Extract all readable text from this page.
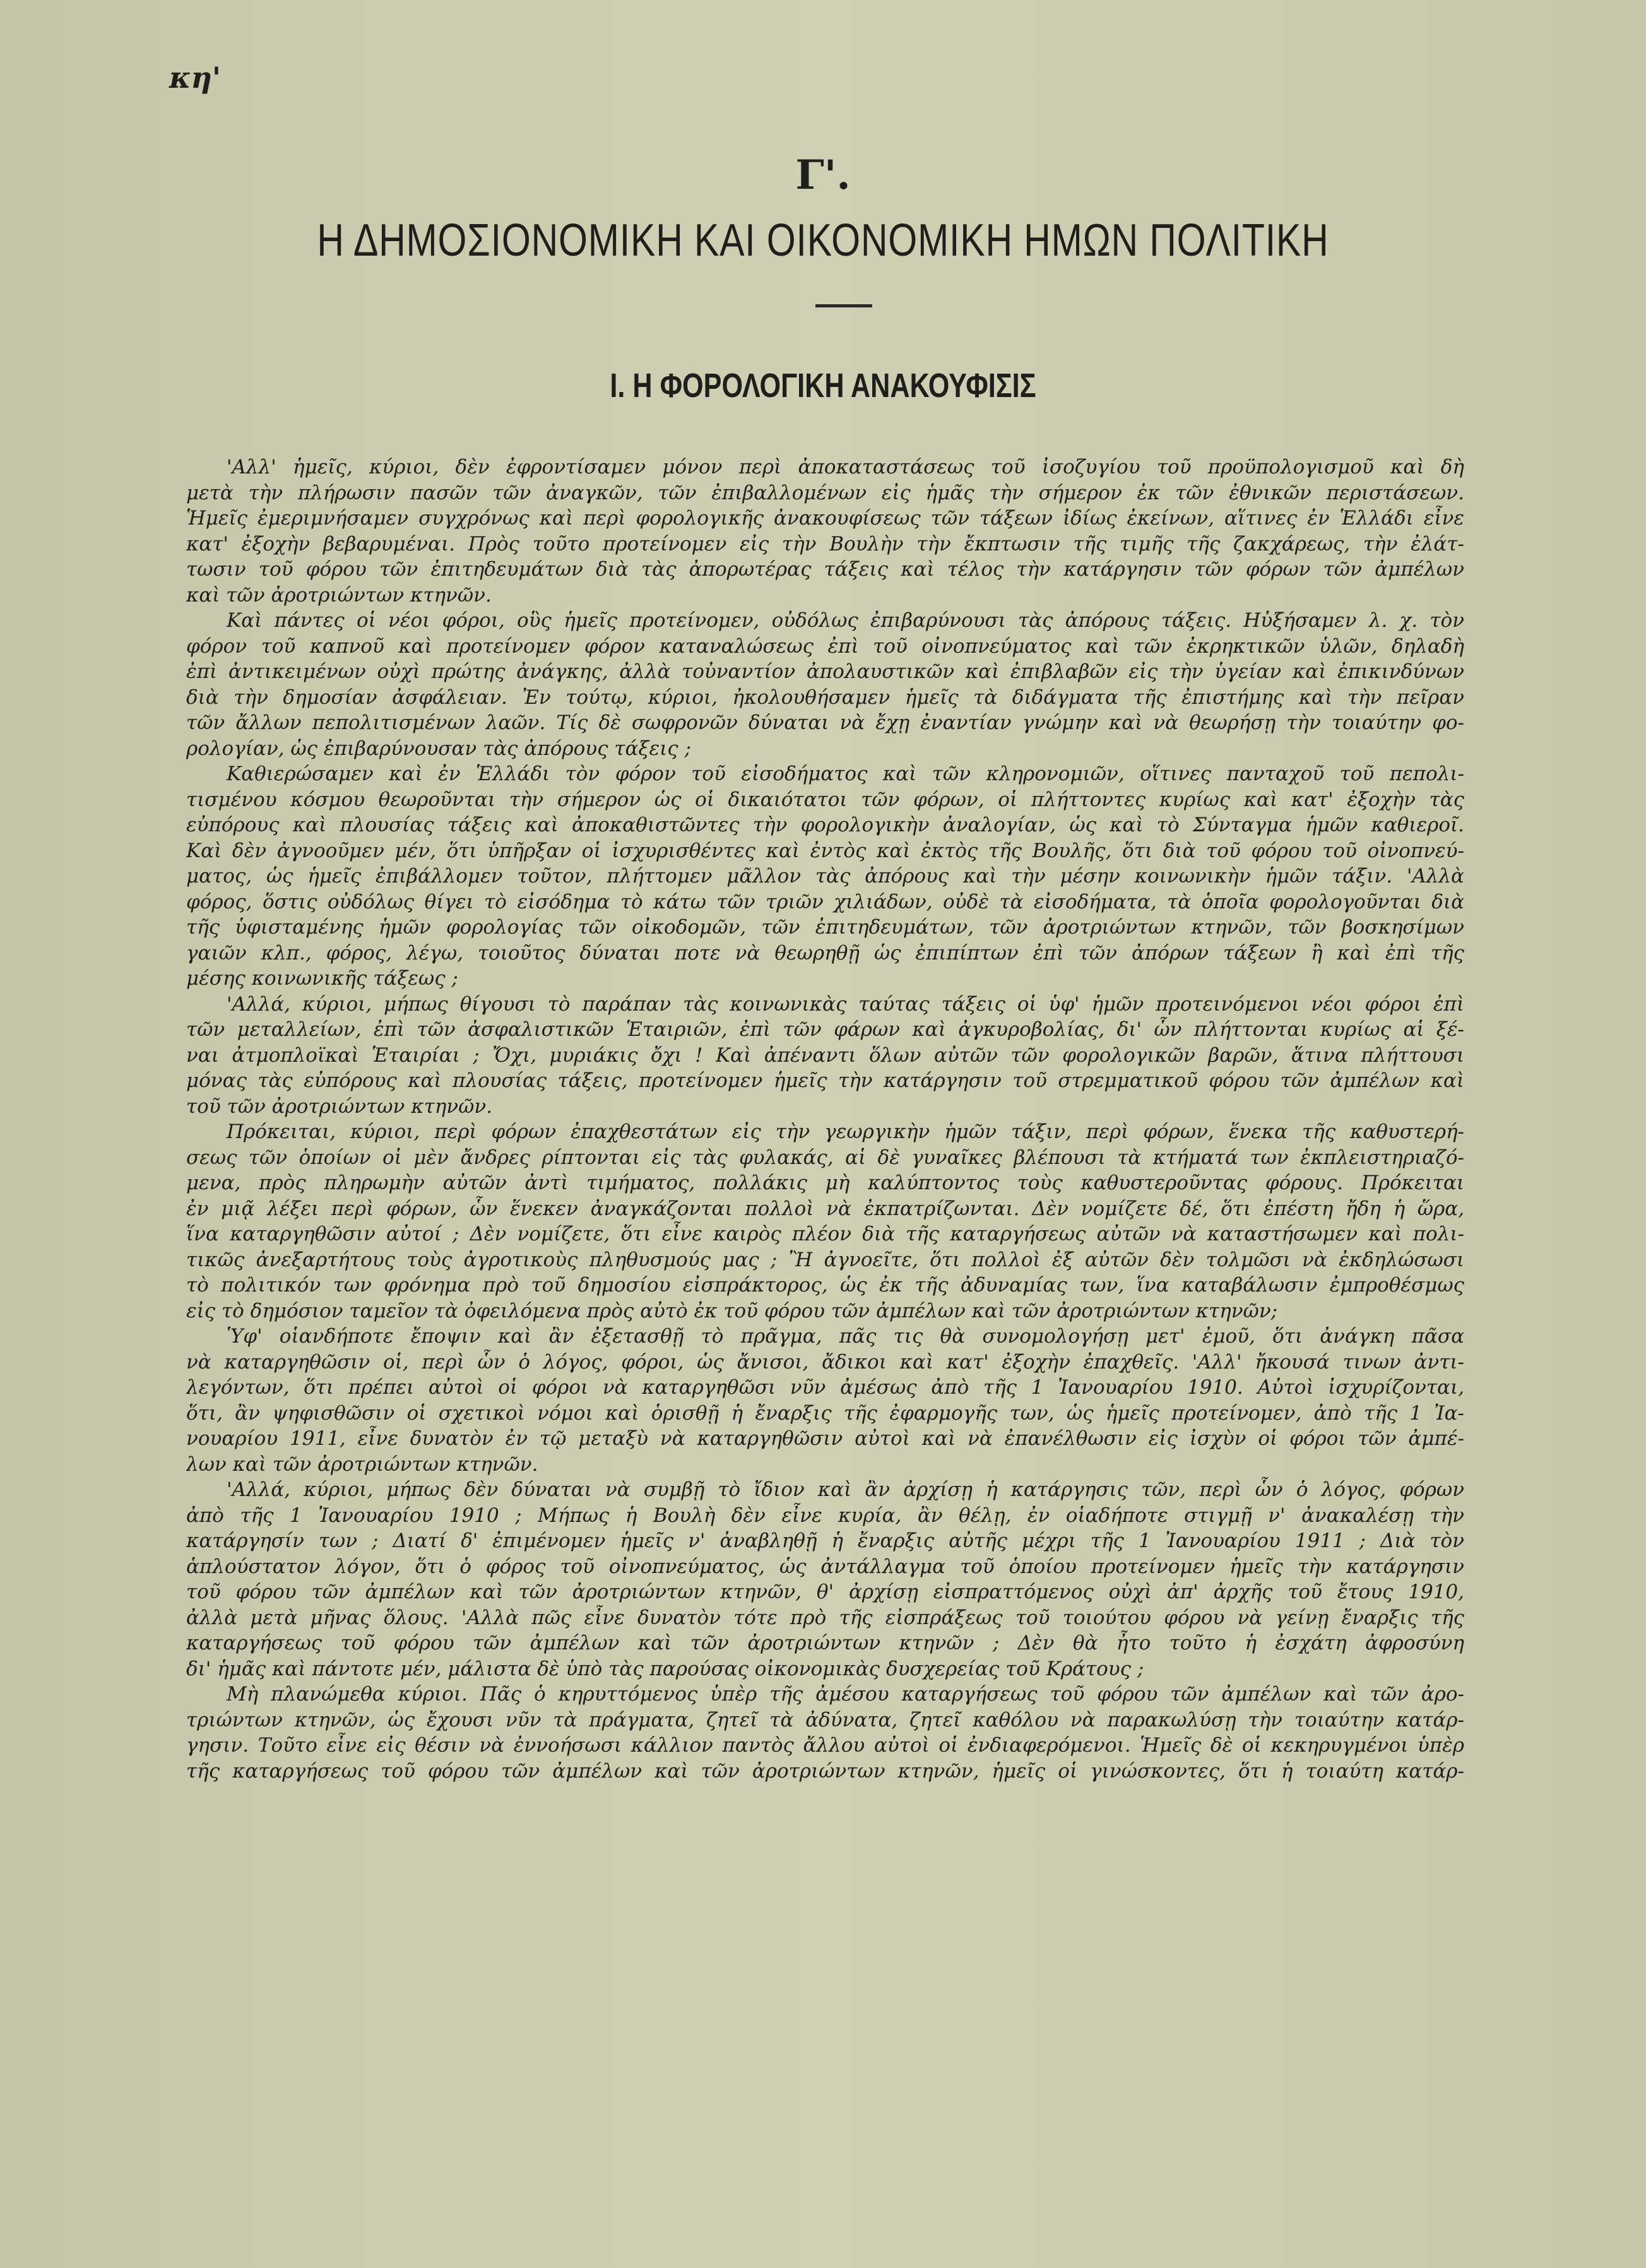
κη'
Γ'.
Η ΔΗΜΟΣΙΟΝΟΜΙΚΗ ΚΑΙ ΟΙΚΟΝΟΜΙΚΗ ΗΜΩΝ ΠΟΛΙΤΙΚΗ
Ι. Η ΦΟΡΟΛΟΓΙΚΗ ΑΝΑΚΟΥΦΙΣΙΣ
'Αλλ' ἡμεῖς, κύριοι, δὲν ἐφροντίσαμεν μόνον περὶ ἀποκαταστάσεως τοῦ ἰσοζυγίου τοῦ προϋπολογισμοῦ καὶ δὴ
μετὰ τὴν πλήρωσιν πασῶν τῶν ἀναγκῶν, τῶν ἐπιβαλλομένων εἰς ἡμᾶς τὴν σήμερον ἐκ τῶν ἐθνικῶν περιστάσεων.
Ἡμεῖς ἐμεριμνήσαμεν συγχρόνως καὶ περὶ φορολογικῆς ἀνακουφίσεως τῶν τάξεων ἰδίως ἐκείνων, αἵτινες ἐν Ἑλλάδι εἶνε
κατ' ἐξοχὴν βεβαρυμέναι. Πρὸς τοῦτο προτείνομεν εἰς τὴν Βουλὴν τὴν ἔκπτωσιν τῆς τιμῆς τῆς ζακχάρεως, τὴν ἐλάτ-
τωσιν τοῦ φόρου τῶν ἐπιτηδευμάτων διὰ τὰς ἀπορωτέρας τάξεις καὶ τέλος τὴν κατάργησιν τῶν φόρων τῶν ἀμπέλων
καὶ τῶν ἀροτριώντων κτηνῶν.
Καὶ πάντες οἱ νέοι φόροι, οὓς ἡμεῖς προτείνομεν, οὐδόλως ἐπιβαρύνουσι τὰς ἀπόρους τάξεις. Ηὐξήσαμεν λ. χ. τὸν
φόρον τοῦ καπνοῦ καὶ προτείνομεν φόρον καταναλώσεως ἐπὶ τοῦ οἰνοπνεύματος καὶ τῶν ἐκρηκτικῶν ὑλῶν, δηλαδὴ
ἐπὶ ἀντικειμένων οὐχὶ πρώτης ἀνάγκης, ἀλλὰ τοὐναντίον ἀπολαυστικῶν καὶ ἐπιβλαβῶν εἰς τὴν ὑγείαν καὶ ἐπικινδύνων
διὰ τὴν δημοσίαν ἀσφάλειαν. Ἐν τούτῳ, κύριοι, ἠκολουθήσαμεν ἡμεῖς τὰ διδάγματα τῆς ἐπιστήμης καὶ τὴν πεῖραν
τῶν ἄλλων πεπολιτισμένων λαῶν. Τίς δὲ σωφρονῶν δύναται νὰ ἔχῃ ἐναντίαν γνώμην καὶ νὰ θεωρήσῃ τὴν τοιαύτην φο-
ρολογίαν, ὡς ἐπιβαρύνουσαν τὰς ἀπόρους τάξεις ;
Καθιερώσαμεν καὶ ἐν Ἑλλάδι τὸν φόρον τοῦ εἰσοδήματος καὶ τῶν κληρονομιῶν, οἵτινες πανταχοῦ τοῦ πεπολι-
τισμένου κόσμου θεωροῦνται τὴν σήμερον ὡς οἱ δικαιότατοι τῶν φόρων, οἱ πλήττοντες κυρίως καὶ κατ' ἐξοχὴν τὰς
εὐπόρους καὶ πλουσίας τάξεις καὶ ἀποκαθιστῶντες τὴν φορολογικὴν ἀναλογίαν, ὡς καὶ τὸ Σύνταγμα ἡμῶν καθιεροῖ.
Καὶ δὲν ἀγνοοῦμεν μέν, ὅτι ὑπῆρξαν οἱ ἰσχυρισθέντες καὶ ἐντὸς καὶ ἐκτὸς τῆς Βουλῆς, ὅτι διὰ τοῦ φόρου τοῦ οἰνοπνεύ-
ματος, ὡς ἡμεῖς ἐπιβάλλομεν τοῦτον, πλήττομεν μᾶλλον τὰς ἀπόρους καὶ τὴν μέσην κοινωνικὴν ἡμῶν τάξιν. 'Αλλὰ
φόρος, ὅστις οὐδόλως θίγει τὸ εἰσόδημα τὸ κάτω τῶν τριῶν χιλιάδων, οὐδὲ τὰ εἰσοδήματα, τὰ ὁποῖα φορολογοῦνται διὰ
τῆς ὑφισταμένης ἡμῶν φορολογίας τῶν οἰκοδομῶν, τῶν ἐπιτηδευμάτων, τῶν ἀροτριώντων κτηνῶν, τῶν βοσκησίμων
γαιῶν κλπ., φόρος, λέγω, τοιοῦτος δύναται ποτε νὰ θεωρηθῇ ὡς ἐπιπίπτων ἐπὶ τῶν ἀπόρων τάξεων ἢ καὶ ἐπὶ τῆς
μέσης κοινωνικῆς τάξεως ;
'Αλλά, κύριοι, μήπως θίγουσι τὸ παράπαν τὰς κοινωνικὰς ταύτας τάξεις οἱ ὑφ' ἡμῶν προτεινόμενοι νέοι φόροι ἐπὶ
τῶν μεταλλείων, ἐπὶ τῶν ἀσφαλιστικῶν Ἑταιριῶν, ἐπὶ τῶν φάρων καὶ ἀγκυροβολίας, δι' ὧν πλήττονται κυρίως αἱ ξέ-
ναι ἀτμοπλοϊκαὶ Ἑταιρίαι ; Ὄχι, μυριάκις ὄχι ! Καὶ ἀπέναντι ὅλων αὐτῶν τῶν φορολογικῶν βαρῶν, ἅτινα πλήττουσι
μόνας τὰς εὐπόρους καὶ πλουσίας τάξεις, προτείνομεν ἡμεῖς τὴν κατάργησιν τοῦ στρεμματικοῦ φόρου τῶν ἀμπέλων καὶ
τοῦ τῶν ἀροτριώντων κτηνῶν.
Πρόκειται, κύριοι, περὶ φόρων ἐπαχθεστάτων εἰς τὴν γεωργικὴν ἡμῶν τάξιν, περὶ φόρων, ἕνεκα τῆς καθυστερή-
σεως τῶν ὁποίων οἱ μὲν ἄνδρες ρίπτονται εἰς τὰς φυλακάς, αἱ δὲ γυναῖκες βλέπουσι τὰ κτήματά των ἐκπλειστηριαζό-
μενα, πρὸς πληρωμὴν αὐτῶν ἀντὶ τιμήματος, πολλάκις μὴ καλύπτοντος τοὺς καθυστεροῦντας φόρους. Πρόκειται
ἐν μιᾷ λέξει περὶ φόρων, ὧν ἕνεκεν ἀναγκάζονται πολλοὶ νὰ ἐκπατρίζωνται. Δὲν νομίζετε δέ, ὅτι ἐπέστη ἤδη ἡ ὥρα,
ἵνα καταργηθῶσιν αὐτοί ; Δὲν νομίζετε, ὅτι εἶνε καιρὸς πλέον διὰ τῆς καταργήσεως αὐτῶν νὰ καταστήσωμεν καὶ πολι-
τικῶς ἀνεξαρτήτους τοὺς ἀγροτικοὺς πληθυσμούς μας ; Ἢ ἀγνοεῖτε, ὅτι πολλοὶ ἐξ αὐτῶν δὲν τολμῶσι νὰ ἐκδηλώσωσι
τὸ πολιτικόν των φρόνημα πρὸ τοῦ δημοσίου εἰσπράκτορος, ὡς ἐκ τῆς ἀδυναμίας των, ἵνα καταβάλωσιν ἐμπροθέσμως
εἰς τὸ δημόσιον ταμεῖον τὰ ὀφειλόμενα πρὸς αὐτὸ ἐκ τοῦ φόρου τῶν ἀμπέλων καὶ τῶν ἀροτριώντων κτηνῶν;
Ὑφ' οἱανδήποτε ἔποψιν καὶ ἂν ἐξετασθῇ τὸ πρᾶγμα, πᾶς τις θὰ συνομολογήσῃ μετ' ἐμοῦ, ὅτι ἀνάγκη πᾶσα
νὰ καταργηθῶσιν οἱ, περὶ ὧν ὁ λόγος, φόροι, ὡς ἄνισοι, ἄδικοι καὶ κατ' ἐξοχὴν ἐπαχθεῖς. 'Αλλ' ἤκουσά τινων ἀντι-
λεγόντων, ὅτι πρέπει αὐτοὶ οἱ φόροι νὰ καταργηθῶσι νῦν ἀμέσως ἀπὸ τῆς 1 Ἰανουαρίου 1910. Αὐτοὶ ἰσχυρίζονται,
ὅτι, ἂν ψηφισθῶσιν οἱ σχετικοὶ νόμοι καὶ ὁρισθῇ ἡ ἔναρξις τῆς ἐφαρμογῆς των, ὡς ἡμεῖς προτείνομεν, ἀπὸ τῆς 1 Ἰα-
νουαρίου 1911, εἶνε δυνατὸν ἐν τῷ μεταξὺ νὰ καταργηθῶσιν αὐτοὶ καὶ νὰ ἐπανέλθωσιν εἰς ἰσχὺν οἱ φόροι τῶν ἀμπέ-
λων καὶ τῶν ἀροτριώντων κτηνῶν.
'Αλλά, κύριοι, μήπως δὲν δύναται νὰ συμβῇ τὸ ἴδιον καὶ ἂν ἀρχίσῃ ἡ κατάργησις τῶν, περὶ ὧν ὁ λόγος, φόρων
ἀπὸ τῆς 1 Ἰανουαρίου 1910 ; Μήπως ἡ Βουλὴ δὲν εἶνε κυρία, ἂν θέλῃ, ἐν οἱαδήποτε στιγμῇ ν' ἀνακαλέσῃ τὴν
κατάργησίν των ; Διατί δ' ἐπιμένομεν ἡμεῖς ν' ἀναβληθῇ ἡ ἔναρξις αὐτῆς μέχρι τῆς 1 Ἰανουαρίου 1911 ; Διὰ τὸν
ἁπλούστατον λόγον, ὅτι ὁ φόρος τοῦ οἰνοπνεύματος, ὡς ἀντάλλαγμα τοῦ ὁποίου προτείνομεν ἡμεῖς τὴν κατάργησιν
τοῦ φόρου τῶν ἀμπέλων καὶ τῶν ἀροτριώντων κτηνῶν, θ' ἀρχίσῃ εἰσπραττόμενος οὐχὶ ἀπ' ἀρχῆς τοῦ ἔτους 1910,
ἀλλὰ μετὰ μῆνας ὅλους. 'Αλλὰ πῶς εἶνε δυνατὸν τότε πρὸ τῆς εἰσπράξεως τοῦ τοιούτου φόρου νὰ γείνῃ ἔναρξις τῆς
καταργήσεως τοῦ φόρου τῶν ἀμπέλων καὶ τῶν ἀροτριώντων κτηνῶν ; Δὲν θὰ ἦτο τοῦτο ἡ ἐσχάτη ἀφροσύνη
δι' ἡμᾶς καὶ πάντοτε μέν, μάλιστα δὲ ὑπὸ τὰς παρούσας οἰκονομικὰς δυσχερείας τοῦ Κράτους ;
Μὴ πλανώμεθα κύριοι. Πᾶς ὁ κηρυττόμενος ὑπὲρ τῆς ἀμέσου καταργήσεως τοῦ φόρου τῶν ἀμπέλων καὶ τῶν ἀρο-
τριώντων κτηνῶν, ὡς ἔχουσι νῦν τὰ πράγματα, ζητεῖ τὰ ἀδύνατα, ζητεῖ καθόλου νὰ παρακωλύσῃ τὴν τοιαύτην κατάρ-
γησιν. Τοῦτο εἶνε εἰς θέσιν νὰ ἐννοήσωσι κάλλιον παντὸς ἄλλου αὐτοὶ οἱ ἐνδιαφερόμενοι. Ἡμεῖς δὲ οἱ κεκηρυγμένοι ὑπὲρ
τῆς καταργήσεως τοῦ φόρου τῶν ἀμπέλων καὶ τῶν ἀροτριώντων κτηνῶν, ἡμεῖς οἱ γινώσκοντες, ὅτι ἡ τοιαύτη κατάρ-
